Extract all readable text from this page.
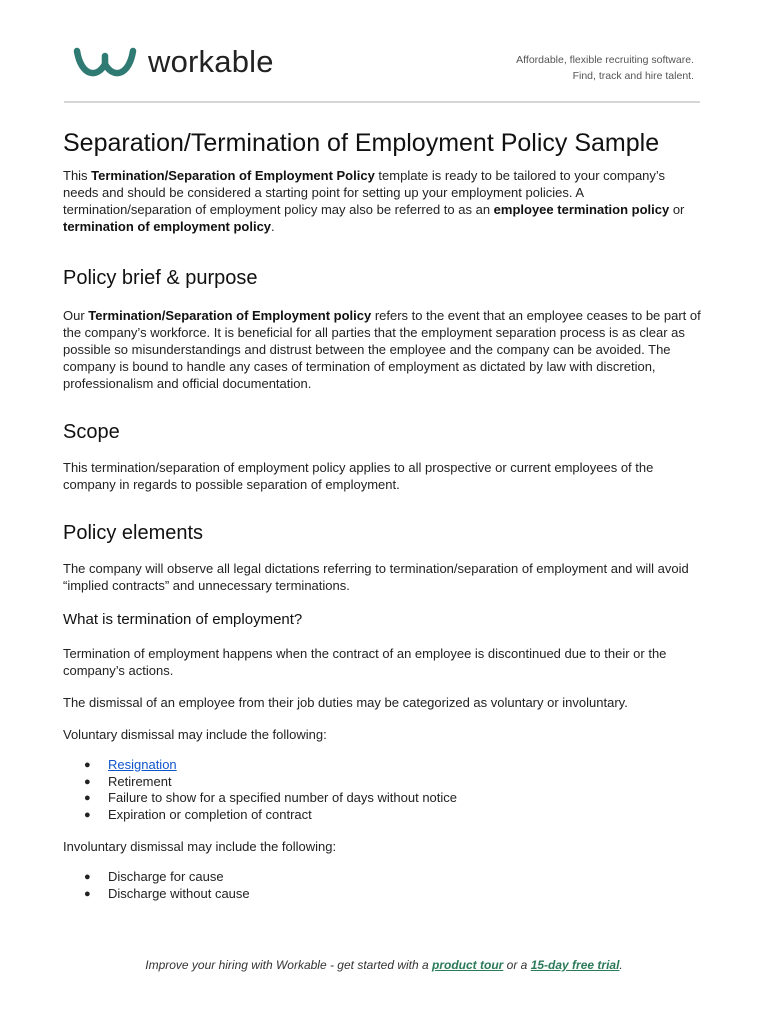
workable	Affordable, flexible recruiting software.
Find, track and hire talent.
Separation/Termination of Employment Policy Sample

This Termination/Separation of Employment Policy template is ready to be tailored to your company’s needs and should be considered a starting point for setting up your employment policies. A termination/separation of employment policy may also be referred to as an employee termination policy or termination of employment policy.

Policy brief & purpose

Our Termination/Separation of Employment policy refers to the event that an employee ceases to be part of the company’s workforce. It is beneficial for all parties that the employment separation process is as clear as possible so misunderstandings and distrust between the employee and the company can be avoided. The company is bound to handle any cases of termination of employment as dictated by law with discretion, professionalism and official documentation.

Scope

This termination/separation of employment policy applies to all prospective or current employees of the company in regards to possible separation of employment.

Policy elements

The company will observe all legal dictations referring to termination/separation of employment and will avoid “implied contracts” and unnecessary terminations.

What is termination of employment?

Termination of employment happens when the contract of an employee is discontinued due to their or the company’s actions.

The dismissal of an employee from their job duties may be categorized as voluntary or involuntary.

Voluntary dismissal may include the following:

● Resignation
● Retirement
● Failure to show for a specified number of days without notice
● Expiration or completion of contract

Involuntary dismissal may include the following:

● Discharge for cause
● Discharge without cause
Improve your hiring with Workable - get started with a product tour or a 15-day free trial.
